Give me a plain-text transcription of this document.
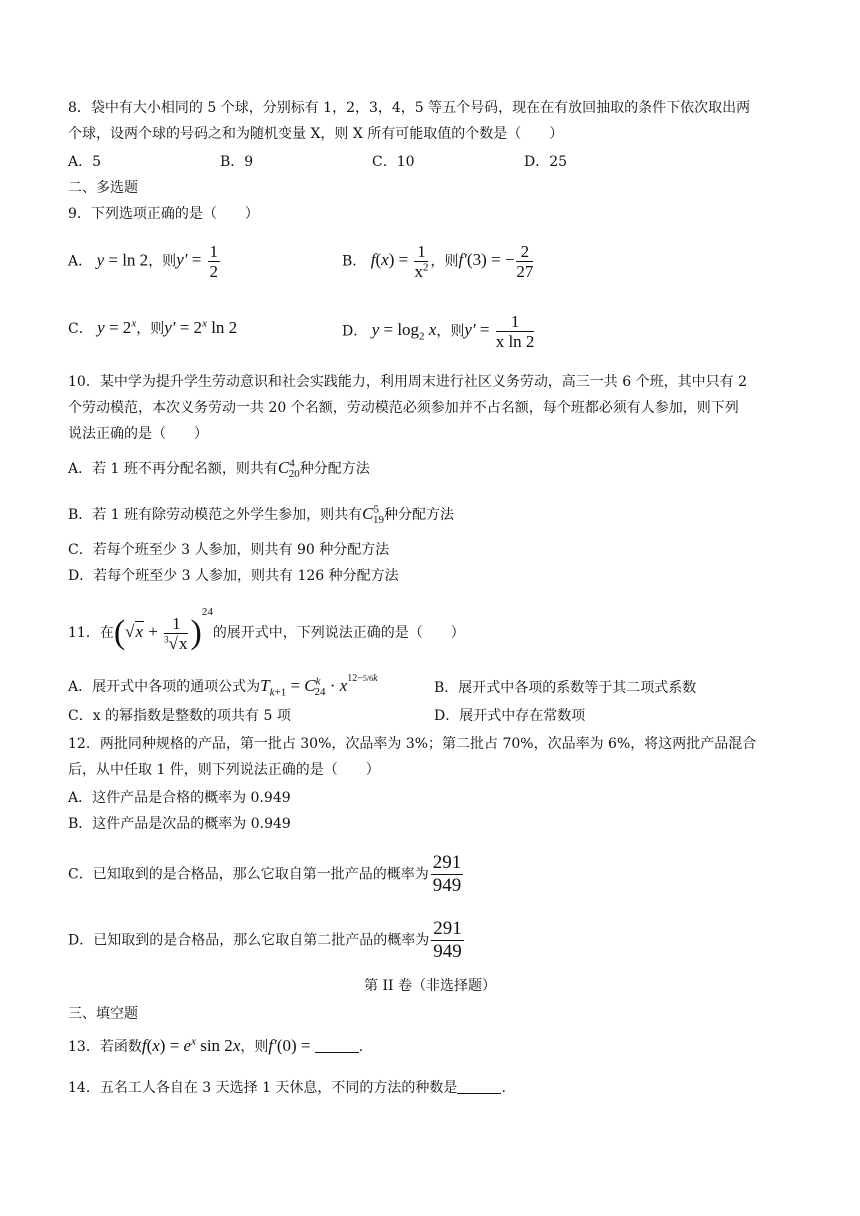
8．袋中有大小相同的 5 个球，分别标有 1，2，3，4，5 等五个号码，现在在有放回抽取的条件下依次取出两
个球，设两个球的号码之和为随机变量 X，则 X 所有可能取值的个数是（　　）
A．5	B．9	C．10	D．25
二、多选题
9．下列选项正确的是（　　）
A． y = ln 2，则$y' = \frac{1}{2}$	B． $f(x) = \frac{1}{x^2}$ ，则f′(3) = − $\frac{2}{27}$
C． $y = 2^x$，则$y' = 2^x$ ln 2	D． $y = \log_2 x$，则$y' = \frac{1}{\text{x ln 2}}$
10．某中学为提升学生劳动意识和社会实践能力，利用周末进行社区义务劳动，高三一共 6 个班，其中只有 2
个劳动模范，本次义务劳动一共 20 个名额，劳动模范必须参加并不占名额，每个班都必须有人参加，则下列
说法正确的是（　　）
A．若 1 班不再分配名额，则共有$C^4_{20}$种分配方法
B．若 1 班有除劳动模范之外学生参加，则共有$C^5_{19}$种分配方法
C．若每个班至少 3 人参加，则共有 90 种分配方法
D．若每个班至少 3 人参加，则共有 126 种分配方法
11．在$(√x + \frac{1}{^3√x} )^{24}$的展开式中，下列说法正确的是（　　）
A．展开式中各项的通项公式为$T_{k+1} = C^k_{24} \cdot x^{12-5/6k}$
B．展开式中各项的系数等于其二项式系数
C．x 的幂指数是整数的项共有 5 项	D．展开式中存在常数项
12．两批同种规格的产品，第一批占 30%，次品率为 3%；第二批占 70%，次品率为 6%，将这两批产品混合
后，从中任取 1 件，则下列说法正确的是（　　）
A．这件产品是合格的概率为 0.949
B．这件产品是次品的概率为 0.949
C．已知取到的是合格品，那么它取自第一批产品的概率为 $\frac{291}{949}$
D．已知取到的是合格品，那么它取自第二批产品的概率为 $\frac{291}{949}$
第 II 卷（非选择题）
三、填空题
13．若函数$f(x) = e^x$ sin 2x，则f′(0) =	.
14．五名工人各自在 3 天选择 1 天休息，不同的方法的种数是	.
